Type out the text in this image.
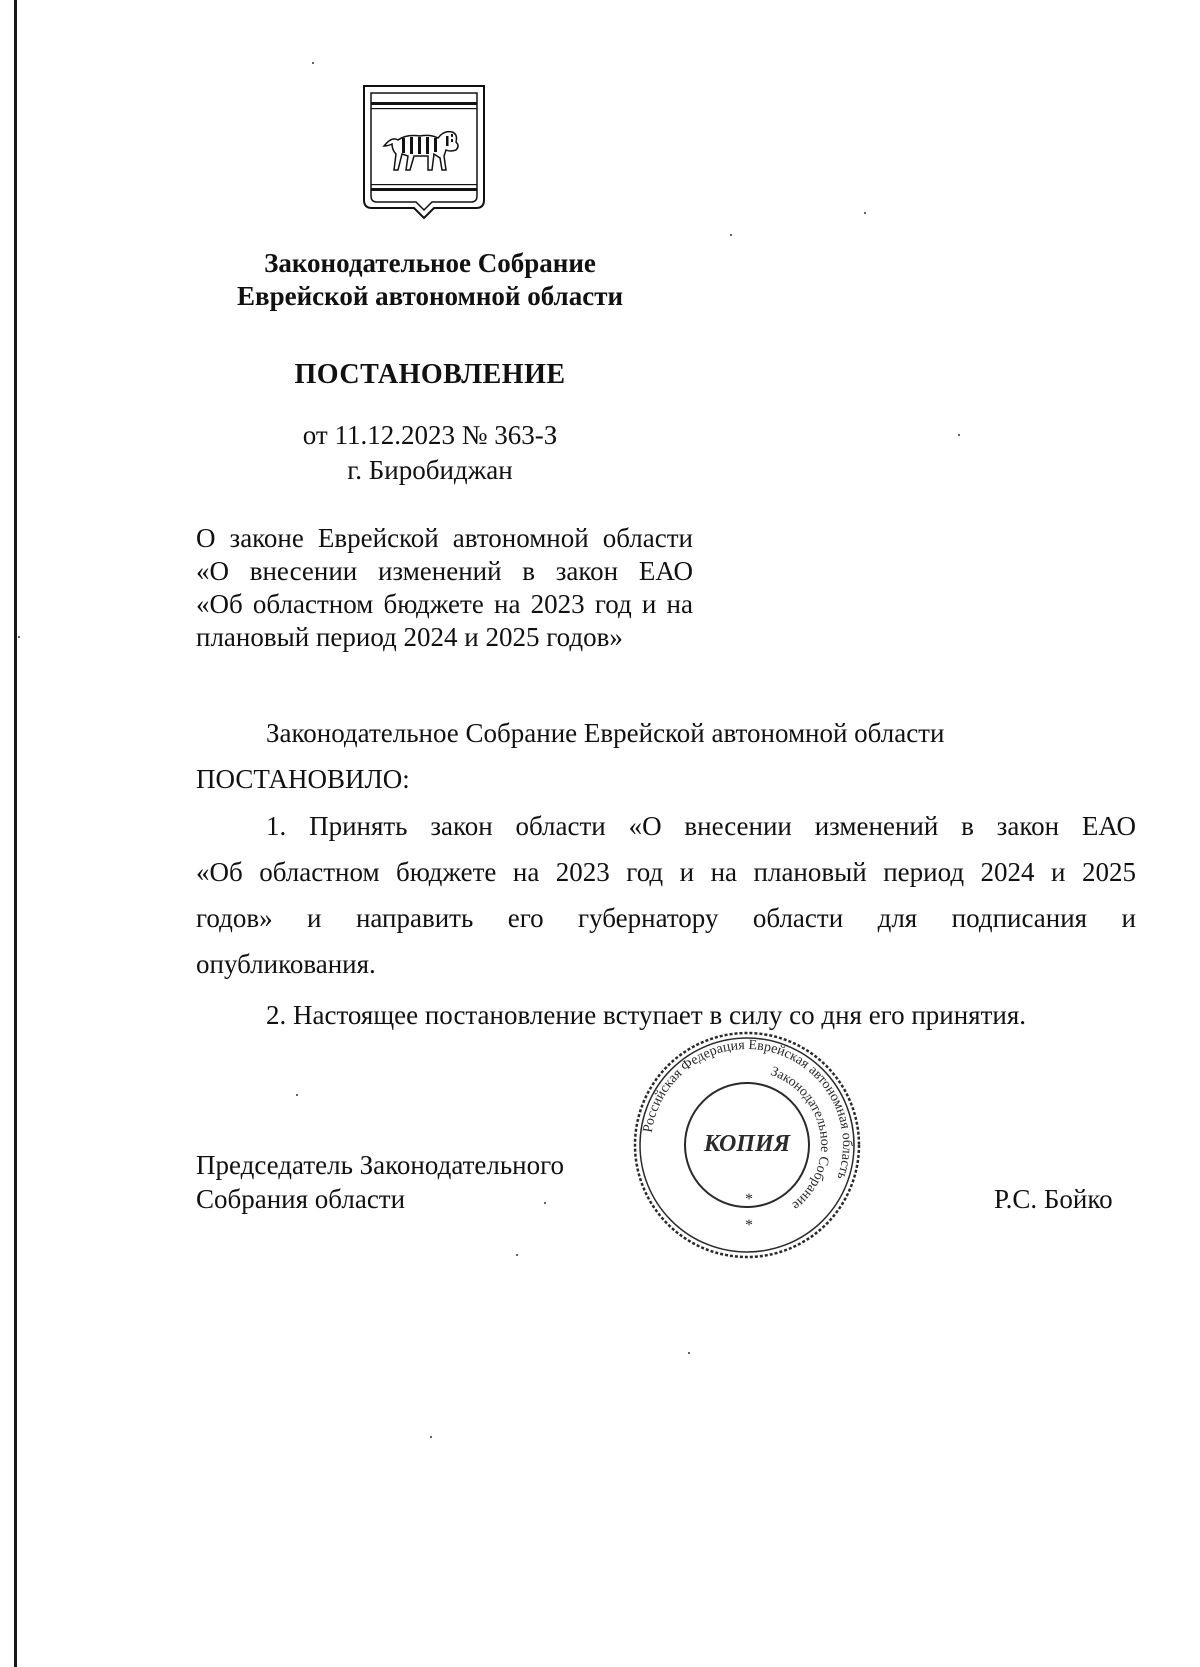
Законодательное Собрание
Еврейской автономной области
ПОСТАНОВЛЕНИЕ
от 11.12.2023 № 363-З
г. Биробиджан
О законе Еврейской автономной области
«О внесении изменений в закон ЕАО
«Об областном бюджете на 2023 год и на
плановый период 2024 и 2025 годов»
Законодательное Собрание Еврейской автономной области
ПОСТАНОВИЛО:
1. Принять закон области «О внесении изменений в закон ЕАО
«Об областном бюджете на 2023 год и на плановый период 2024 и 2025
годов» и направить его губернатору области для подписания и
опубликования.
2. Настоящее постановление вступает в силу со дня его принятия.
Председатель Законодательного
Собрания области	Р.С. Бойко
Российская Федерация Еврейская автономная область
Законодательное Собрание
КОПИЯ
*
*
